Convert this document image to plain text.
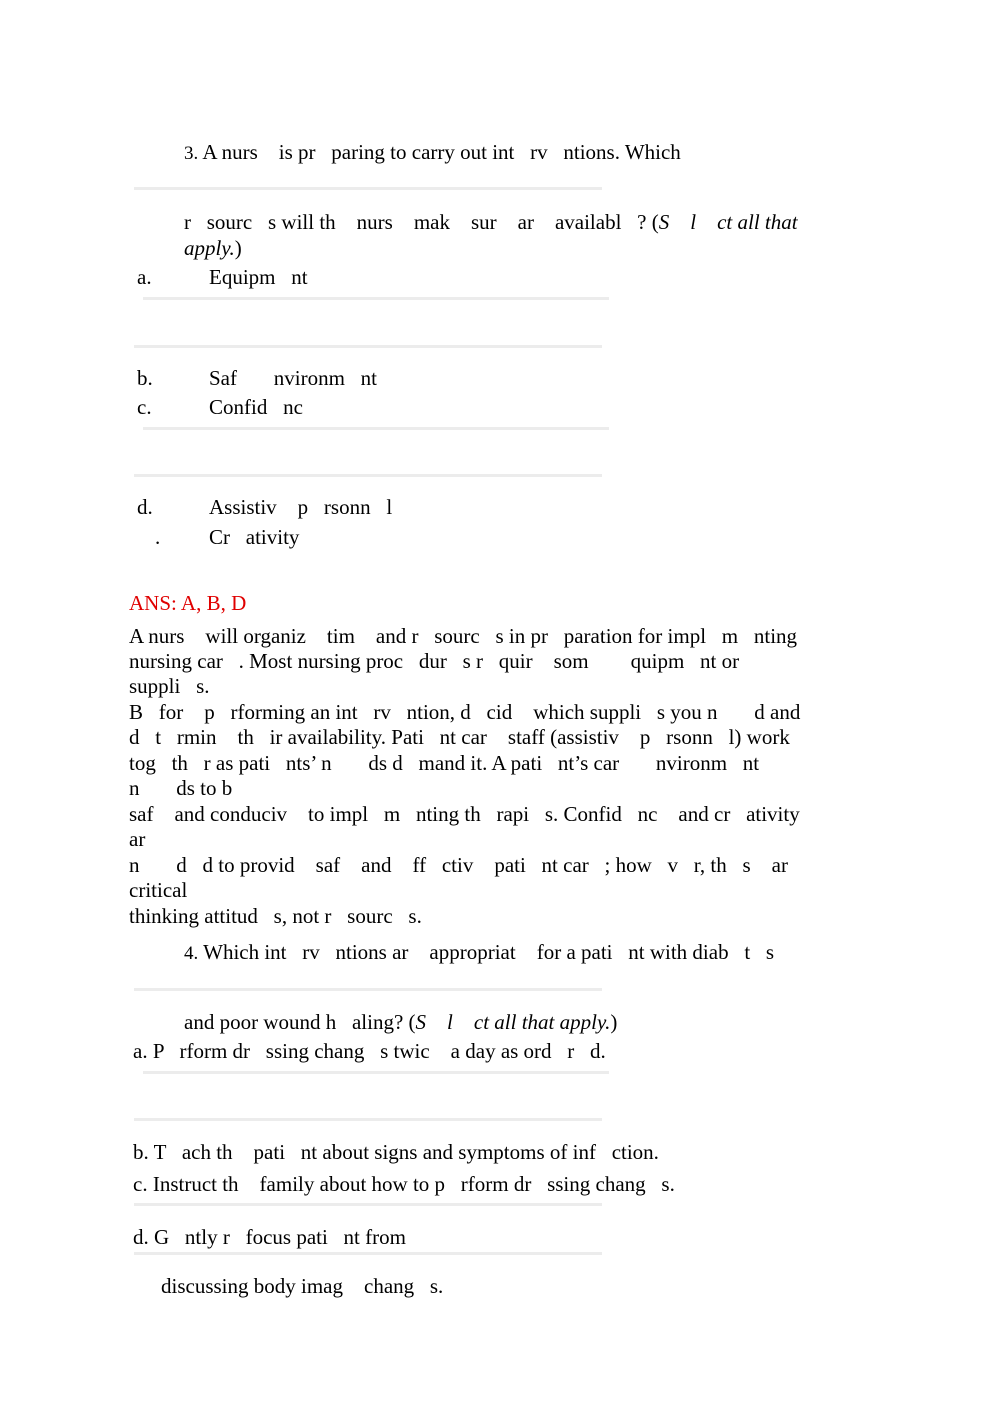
3. A nurs    is pr   paring to carry out int   rv   ntions. Which
r   sourc   s will th    nurs    mak    sur    ar    availabl   ? (S    l    ct all that
apply.)
a.	Equipm   nt
b.	Saf       nvironm   nt
c.	Confid   nc
d.	Assistiv    p   rsonn   l
. Cr   ativity
ANS: A, B, D
A nurs    will organiz    tim    and r   sourc   s in pr   paration for impl   m   nting
nursing car   . Most nursing proc   dur   s r   quir    som        quipm   nt or
suppli   s.
B   for    p   rforming an int   rv   ntion, d   cid    which suppli   s you n       d and
d   t   rmin    th   ir availability. Pati   nt car    staff (assistiv    p   rsonn   l) work
tog   th   r as pati   nts’ n       ds d   mand it. A pati   nt’s car       nvironm   nt
n       ds to b
saf    and conduciv    to impl   m   nting th   rapi   s. Confid   nc    and cr   ativity
ar
n       d   d to provid    saf    and    ff   ctiv    pati   nt car   ; how   v   r, th   s    ar
critical
thinking attitud   s, not r   sourc   s.
4. Which int   rv   ntions ar    appropriat    for a pati   nt with diab   t   s
and poor wound h   aling? (S    l    ct all that apply.)
a. P   rform dr   ssing chang   s twic    a day as ord   r   d.
b. T   ach th    pati   nt about signs and symptoms of inf   ction.
c. Instruct th    family about how to p   rform dr   ssing chang   s.
d. G   ntly r   focus pati   nt from
discussing body imag    chang   s.
